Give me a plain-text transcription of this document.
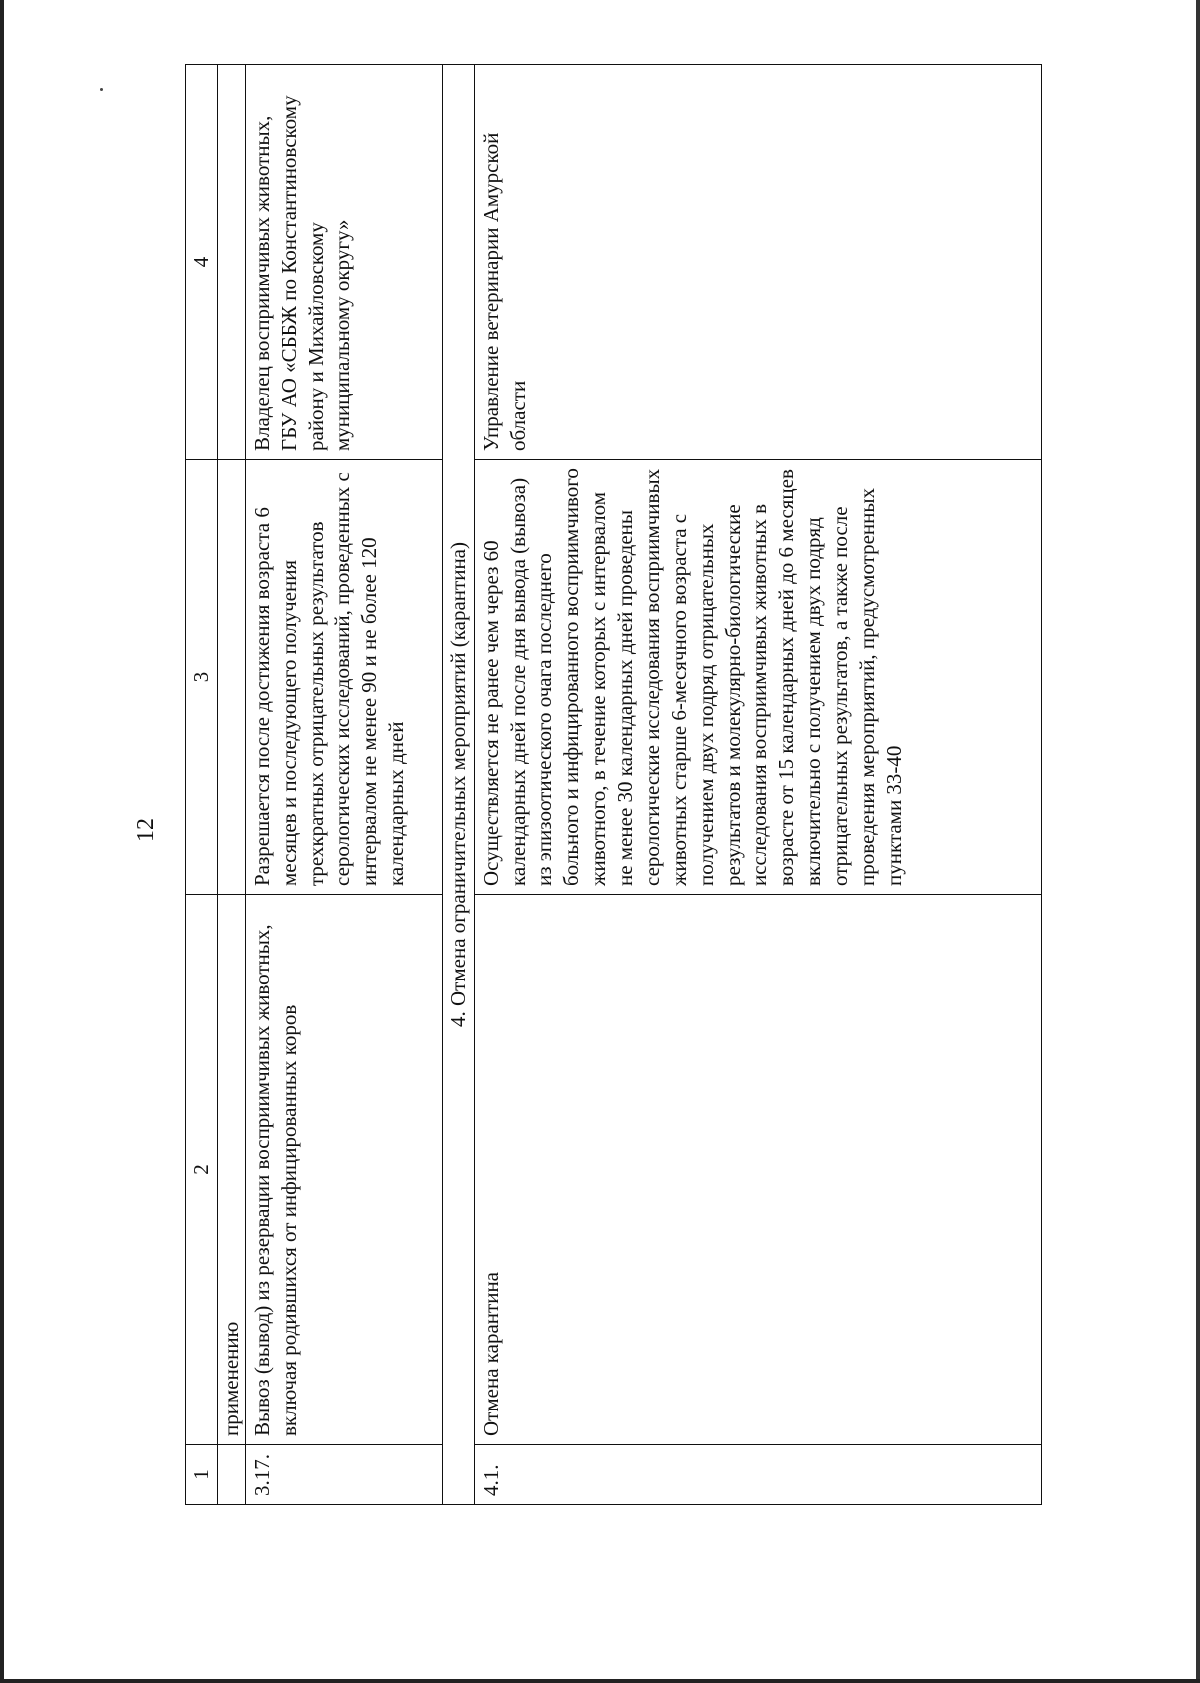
12
1	2	3	4
	применению		
3.17.	Вывоз (вывод) из резервации восприимчивых животных, включая родившихся от инфицированных коров	Разрешается после достижения возраста 6 месяцев и последующего получения трехкратных отрицательных результатов серологических исследований, проведенных с интервалом не менее 90 и не более 120 календарных дней	Владелец восприимчивых животных, ГБУ АО «СББЖ по Константиновскому району и Михайловскому муниципальному округу»
4. Отмена ограничительных мероприятий (карантина)			
4.1.	Отмена карантина	Осуществляется не ранее чем через 60 календарных дней после дня вывода (вывоза) из эпизоотического очага последнего больного и инфицированного восприимчивого животного, в течение которых с интервалом не менее 30 календарных дней проведены серологические исследования восприимчивых животных старше 6-месячного возраста с получением двух подряд отрицательных результатов и молекулярно-биологические исследования восприимчивых животных в возрасте от 15 календарных дней до 6 месяцев включительно с получением двух подряд отрицательных результатов, а также после проведения мероприятий, предусмотренных пунктами 33-40	Управление ветеринарии Амурской области
